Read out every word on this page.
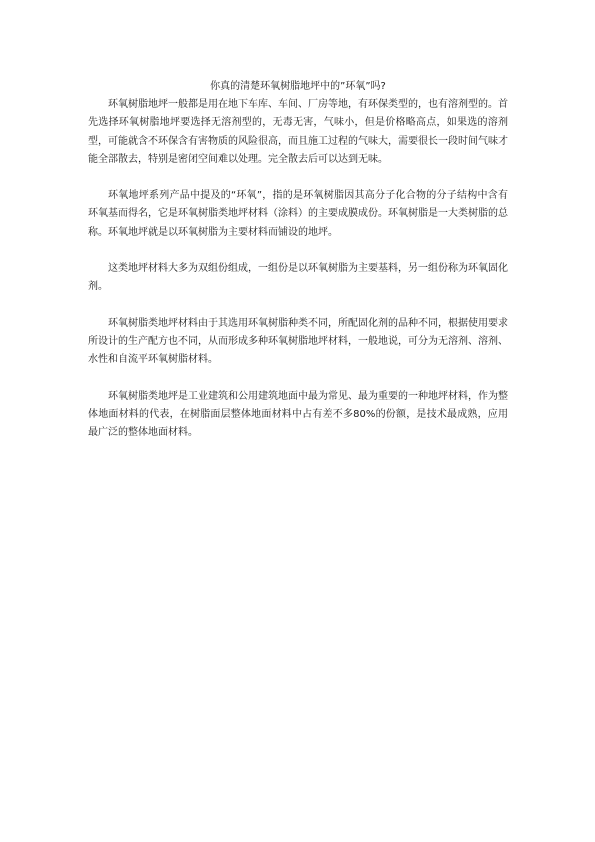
你真的清楚环氧树脂地坪中的”环氧”吗?

环氧树脂地坪一般都是用在地下车库、车间、厂房等地，有环保类型的，也有溶剂型的。首先选择环氧树脂地坪要选择无溶剂型的，无毒无害，气味小，但是价格略高点，如果选的溶剂型，可能就含不环保含有害物质的风险很高，而且施工过程的气味大，需要很长一段时间气味才能全部散去，特别是密闭空间难以处理。完全散去后可以达到无味。

环氧地坪系列产品中提及的“环氧”，指的是环氧树脂因其高分子化合物的分子结构中含有环氧基而得名，它是环氧树脂类地坪材料（涂料）的主要成膜成份。环氧树脂是一大类树脂的总称。环氧地坪就是以环氧树脂为主要材料而铺设的地坪。

这类地坪材料大多为双组份组成，一组份是以环氧树脂为主要基料，另一组份称为环氧固化剂。

环氧树脂类地坪材料由于其选用环氧树脂种类不同，所配固化剂的品种不同，根据使用要求所设计的生产配方也不同，从而形成多种环氧树脂地坪材料，一般地说，可分为无溶剂、溶剂、水性和自流平环氧树脂材料。

环氧树脂类地坪是工业建筑和公用建筑地面中最为常见、最为重要的一种地坪材料，作为整体地面材料的代表，在树脂面层整体地面材料中占有差不多80%的份额，是技术最成熟，应用最广泛的整体地面材料。
